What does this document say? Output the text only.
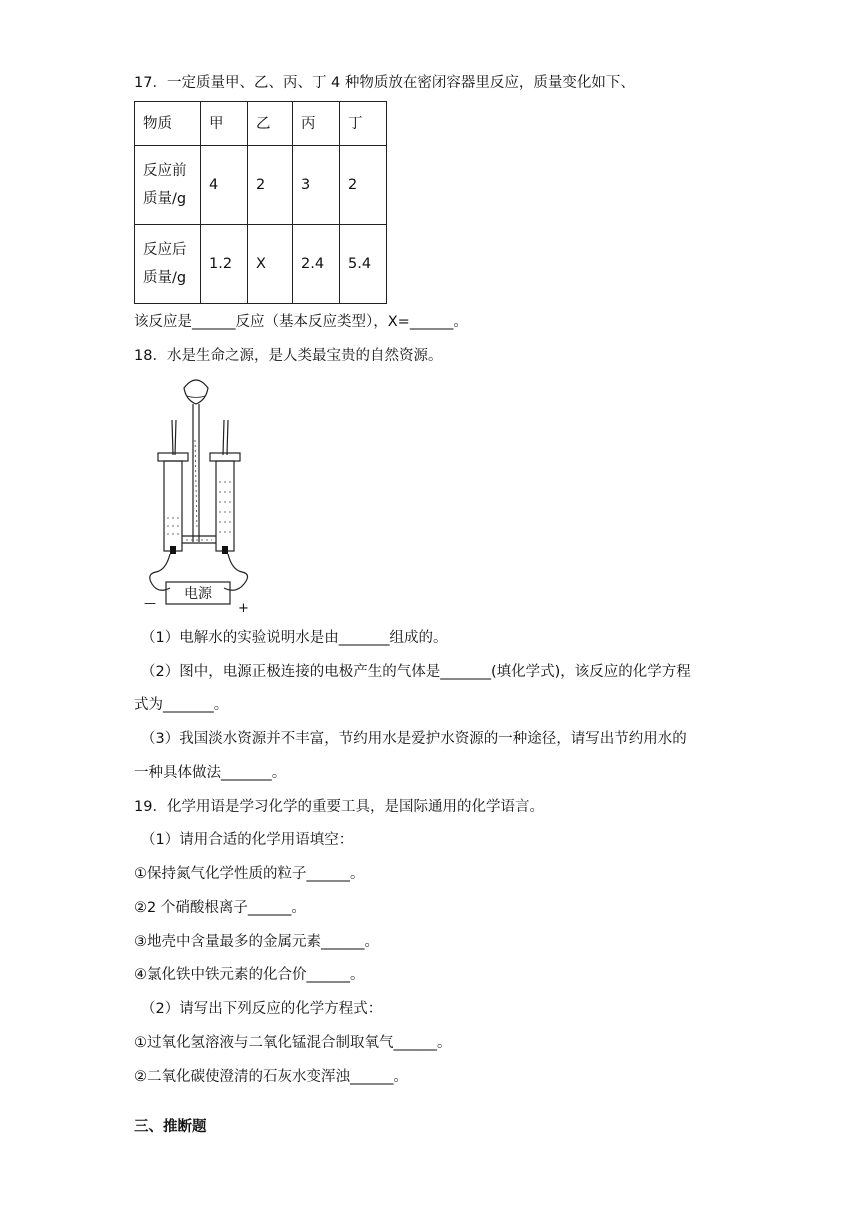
17．一定质量甲、乙、丙、丁 4 种物质放在密闭容器里反应，质量变化如下、
物质	甲	乙	丙	丁

反应前
质量/g	4	2	3	2

反应后
质量/g	1.2	X	2.4	5.4
该反应是______反应（基本反应类型），X=______。
18．水是生命之源，是人类最宝贵的自然资源。
电源
—	+
（1）电解水的实验说明水是由_______组成的。
（2）图中，电源正极连接的电极产生的气体是_______(填化学式)，该反应的化学方程
式为_______。
（3）我国淡水资源并不丰富，节约用水是爱护水资源的一种途径，请写出节约用水的
一种具体做法_______。
19．化学用语是学习化学的重要工具，是国际通用的化学语言。
（1）请用合适的化学用语填空：
①保持氮气化学性质的粒子______。
②2 个硝酸根离子______。
③地壳中含量最多的金属元素______。
④氯化铁中铁元素的化合价______。
（2）请写出下列反应的化学方程式：
①过氧化氢溶液与二氧化锰混合制取氧气______。
②二氧化碳使澄清的石灰水变浑浊______。
三、推断题
